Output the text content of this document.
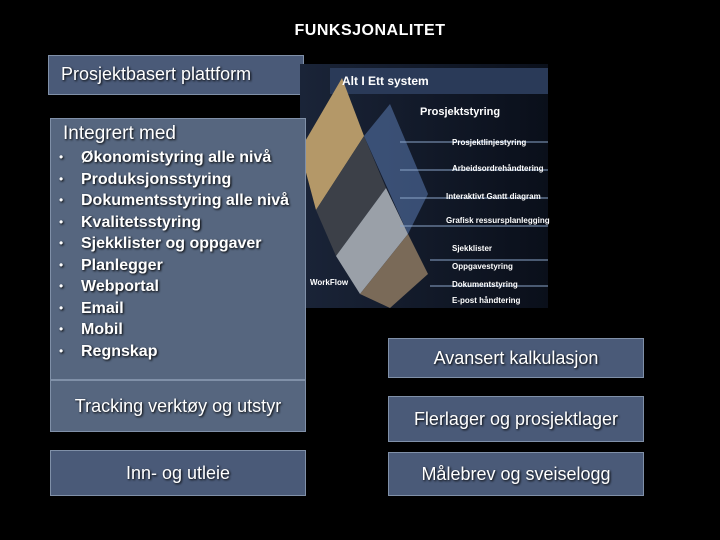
FUNKSJONALITET
Prosjektbasert plattform	Alt I Ett system
Prosjektstyring
Prosjektlinjestyring
Arbeidsordrehåndtering
Interaktivt Gantt diagram
Grafisk ressursplanlegging
Sjekklister
Oppgavestyring
Dokumentstyring
E-post håndtering
WorkFlow
Integrert med
• Økonomistyring alle nivå
• Produksjonsstyring
• Dokumentsstyring alle nivå
• Kvalitetsstyring
• Sjekklister og oppgaver
• Planlegger
• Webportal
• Email
• Mobil
• Regnskap
Tracking verktøy og utstyr
Inn- og utleie
Avansert kalkulasjon
Flerlager og prosjektlager
Målebrev og sveiselogg
